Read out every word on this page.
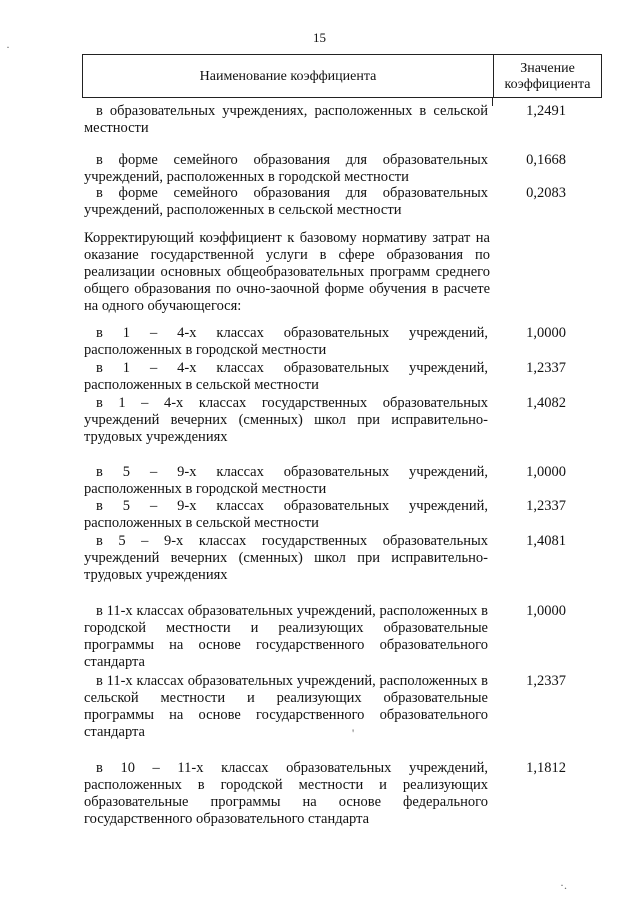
15
Наименование коэффициента
Значение
коэффициента
в образовательных учреждениях, расположенных в сельской местности
1,2491
в форме семейного образования для образовательных учреждений, расположенных в городской местности
0,1668
в форме семейного образования для образовательных учреждений, расположенных в сельской местности
0,2083
Корректирующий коэффициент к базовому нормативу затрат на оказание государственной услуги в сфере образования по реализации основных общеобразовательных программ среднего общего образования по очно-заочной форме обучения в расчете на одного обучающегося:
в 1 – 4-х классах образовательных учреждений, расположенных в городской местности
1,0000
в 1 – 4-х классах образовательных учреждений, расположенных в сельской местности
1,2337
в 1 – 4-х классах государственных образовательных учреждений вечерних (сменных) школ при исправительно-трудовых учреждениях
1,4082
в 5 – 9-х классах образовательных учреждений, расположенных в городской местности
1,0000
в 5 – 9-х классах образовательных учреждений, расположенных в сельской местности
1,2337
в 5 – 9-х классах государственных образовательных учреждений вечерних (сменных) школ при исправительно-трудовых учреждениях
1,4081
в 11-х классах образовательных учреждений, расположенных в городской местности и реализующих образовательные программы на основе государственного образовательного стандарта
1,0000
в 11-х классах образовательных учреждений, расположенных в сельской местности и реализующих образовательные программы на основе государственного образовательного стандарта
1,2337
в 10 – 11-х классах образовательных учреждений, расположенных в городской местности и реализующих образовательные программы на основе федерального государственного образовательного стандарта
1,1812
·
'
·.
